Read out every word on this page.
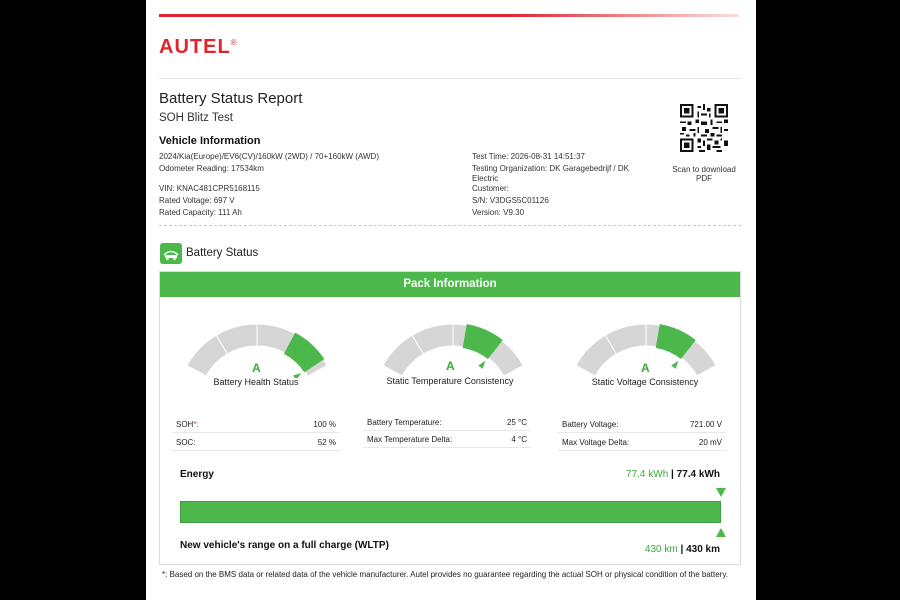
AUTEL®
Battery Status Report
SOH Blitz Test
Vehicle Information
2024/Kia(Europe)/EV6(CV)/160kW (2WD) / 70+160kW (AWD)
Odometer Reading: 17534km
VIN: KNAC481CPR5168115
Rated Voltage: 697 V
Rated Capacity: 111 Ah
Test Time: 2026-08-31 14:51:37
Testing Organization: DK Garagebedrijf / DK
Electric
Customer:
S/N: V3DGS5C01126
Version: V9.30
Scan to download
PDF
Battery Status
Pack Information
A
Battery Health Status
A
Static Temperature Consistency
A
Static Voltage Consistency
SOH*:	100 %
SOC:	52 %
Battery Temperature:	25 °C
Max Temperature Delta:	4 °C
Battery Voltage:	721.00 V
Max Voltage Delta:	20 mV
Energy	77.4 kWh | 77.4 kWh
New vehicle's range on a full charge (WLTP)	430 km | 430 km
*: Based on the BMS data or related data of the vehicle manufacturer. Autel provides no guarantee regarding the actual SOH or physical condition of the battery.
